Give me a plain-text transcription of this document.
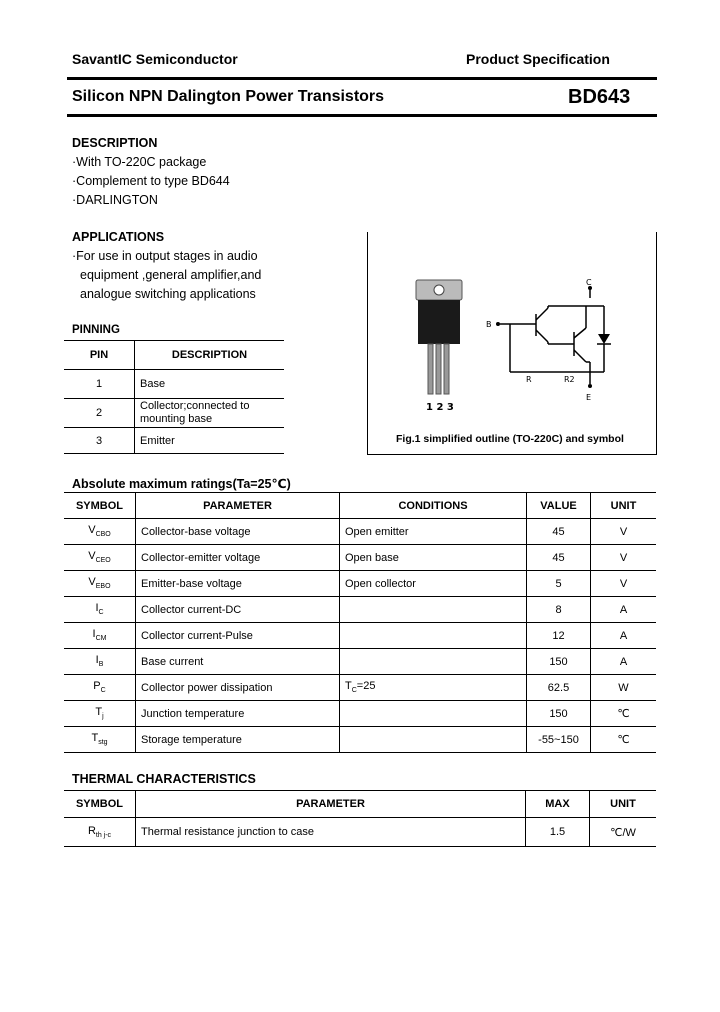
SavantIC Semiconductor	Product Specification
Silicon NPN Dalington Power Transistors	BD643
DESCRIPTION
·With TO-220C package
·Complement to type BD644
·DARLINGTON
APPLICATIONS
·For use in output stages in audio
equipment ,general amplifier,and
analogue switching applications
PINNING
PIN	DESCRIPTION
1	Base
2	Collector;connected to mounting base
3	Emitter
1 2 3
C
B
E
R	R2
Fig.1 simplified outline (TO-220C) and symbol
Absolute maximum ratings(Ta=25℃)
SYMBOL	PARAMETER	CONDITIONS	VALUE	UNIT
$V_{CBO}$	Collector-base voltage	Open emitter	45	V
$V_{CEO}$	Collector-emitter voltage	Open base	45	V
$V_{EBO}$	Emitter-base voltage	Open collector	5	V
$I_C$	Collector current-DC		8	A
$I_{CM}$	Collector current-Pulse		12	A
$I_B$	Base current		150	A
$P_C$	Collector power dissipation	$T_C=25$	62.5	W
$T_j$	Junction temperature		150	℃
$T_{stg}$	Storage temperature		-55~150	℃
THERMAL CHARACTERISTICS
SYMBOL	PARAMETER	MAX	UNIT
$R_{th j-c}$	Thermal resistance junction to case	1.5	℃/W
